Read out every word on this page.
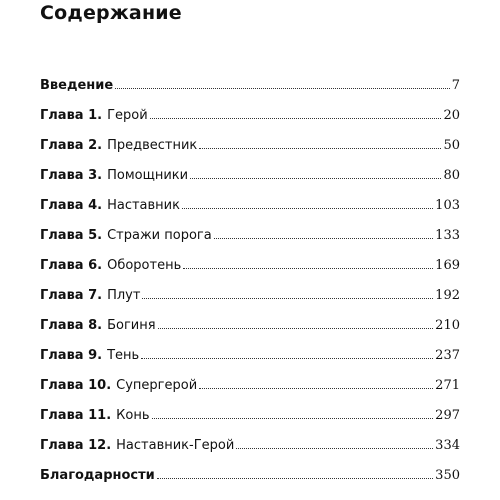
Содержание
Введение	7
Глава 1. Герой	20
Глава 2. Предвестник	50
Глава 3. Помощники	80
Глава 4. Наставник	103
Глава 5. Стражи порога	133
Глава 6. Оборотень	169
Глава 7. Плут	192
Глава 8. Богиня	210
Глава 9. Тень	237
Глава 10. Супергерой	271
Глава 11. Конь	297
Глава 12. Наставник-Герой	334
Благодарности	350
